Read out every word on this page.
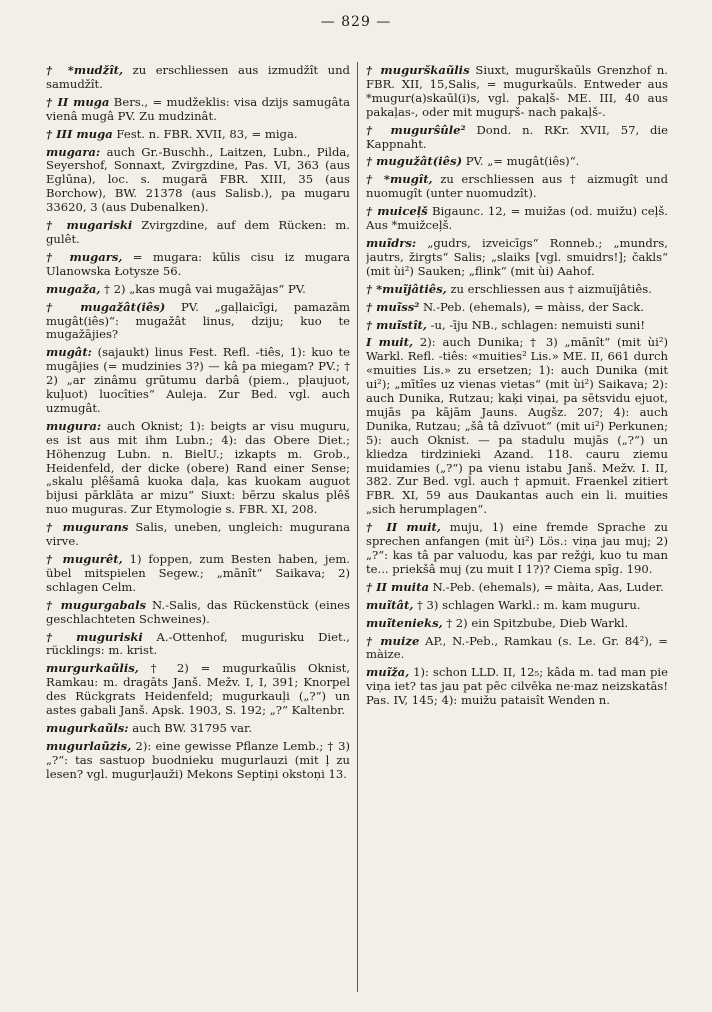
— 829 —

† *mudžît, zu erschliessen aus izmudžît und samudžît.

† II muga Bers., = mudžeklis: visa dzijs samugâta vienâ mugâ PV. Zu mudzinât.

† III muga Fest. n. FBR. XVII, 83, = miga.

mugara: auch Gr.-Buschh., Laitzen, Lubn., Pilda, Seyershof, Sonnaxt, Zvirgzdine, Pas. VI, 363 (aus Eglūna), loc. s. mugarā FBR. XIII, 35 (aus Borchow), BW. 21378 (aus Salisb.), pa mugaru 33620, 3 (aus Dubenalken).

† mugariski Zvirgzdine, auf dem Rücken: m. gulêt.

† mugars, = mugara: kūlis cisu iz mugara Ulanowska Łotysze 56.

mugaža, † 2) „kas mugâ vai mugažājas“ PV.

† mugažât(iês) PV. „gaļlaicīgi, pamazām mugât(iês)“: mugažât linus, dziju; kuo te mugažājies?

mugât: (sajaukt) linus Fest. Refl. -tiês, 1): kuo te mugājies (= mudzinies 3?) — kâ pa miegam? PV.; † 2) „ar zinâmu grūtumu darbâ (piem., pļaujuot, kuļuot) luocîties“ Auleja. Zur Bed. vgl. auch uzmugât.

mugura: auch Oknist; 1): beigts ar visu muguru, es ist aus mit ihm Lubn.; 4): das Obere Diet.; Höhenzug Lubn. n. BielU.; izkapts m. Grob., Heidenfeld, der dicke (obere) Rand einer Sense; „skalu plêšamâ kuoka daļa, kas kuokam auguot bijusi pārklāta ar mizu“ Siuxt: bērzu skalus plêš nuo muguras. Zur Etymologie s. FBR. XI, 208.

† mugurans Salis, uneben, ungleich: mugurana virve.

† mugurêt, 1) foppen, zum Besten haben, jem. übel mitspielen Segew.; „mānît“ Saikava; 2) schlagen Celm.

† mugurgabals N.-Salis, das Rückenstück (eines geschlachteten Schweines).

† muguriski A.-Ottenhof, mugurisku Diet., rücklings: m. krist.

murgurkaũlis, † 2) = mugurkaūlis Oknist, Ramkau: m. dragāts Janš. Mežv. I, I, 391; Knorpel des Rückgrats Heidenfeld; mugurkauļi („?“) un astes gabali Janš. Apsk. 1903, S. 192; „?“ Kaltenbr.

mugurkaũls: auch BW. 31795 var.

mugurlaũzis, 2): eine gewisse Pflanze Lemb.; † 3) „?“: tas sastuop buodnieku mugurlauzi (mit ļ zu lesen? vgl. mugurļauži) Mekons Septiņi okstoņi 13.

† mugurškaũlis Siuxt, mugurškaūls Grenzhof n. FBR. XII, 15,Salis, = mugurkaūls. Entweder aus *mugur(a)skaūl(i)s, vgl. pakaļš- ME. III, 40 aus pakaļas-, oder mit muguŗš- nach pakaļš-.

† mugurŝûle² Dond. n. RKr. XVII, 57, die Kappnaht.

† mugužât(iês) PV. „= mugât(iês)“.

† *mugît, zu erschliessen aus † aizmugît und nuomugît (unter nuomudzît).

† muiceļš Bigaunc. 12, = muižas (od. muižu) ceļš. Aus *muižceļš.

muĩdrs: „gudrs, izveicīgs“ Ronneb.; „mundrs, jautrs, žirgts“ Salis; „slaiks [vgl. smuidrs!]; čakls“ (mit ùi²) Sauken; „flink“ (mit ùi) Aahof.

† *muĩjâtiês, zu erschliessen aus † aizmuĩjâtiês.

† muĩss² N.-Peb. (ehemals), = màiss, der Sack.

† muĩstît, -u, -īju NB., schlagen: nemuisti suni!

I muit, 2): auch Dunika; † 3) „mānît“ (mit ùi²) Warkl. Refl. -tiês: «muities² Lis.» ME. II, 661 durch «muities Lis.» zu ersetzen; 1): auch Dunika (mit ui²); „mītîes uz vienas vietas“ (mit ùi²) Saikava; 2): auch Dunika, Rutzau; kaķi viņai, pa sētsvidu ejuot, mujās pa kājām Jauns. Augšz. 207; 4): auch Dunika, Rutzau; „šâ tâ dzīvuot“ (mit ui²) Perkunen; 5): auch Oknist. — pa stadulu mujās („?“) un kliedza tirdzinieki Azand. 118. cauru ziemu muidamies („?“) pa vienu istabu Janš. Mežv. I. II, 382. Zur Bed. vgl. auch † apmuit. Fraenkel zitiert FBR. XI, 59 aus Daukantas auch ein li. muities „sich herumplagen“.

† II muit, muju, 1) eine fremde Sprache zu sprechen anfangen (mit ùi²) Lös.: viņa jau muj; 2) „?“: kas tâ par valuodu, kas par režģi, kuo tu man te... priekšâ muj (zu muit I 1?)? Ciema spīg. 190.

† II muita N.-Peb. (ehemals), = màita, Aas, Luder.

muĩtât, † 3) schlagen Warkl.: m. kam muguru.

muĩtenieks, † 2) ein Spitzbube, Dieb Warkl.

† muize AP., N.-Peb., Ramkau (s. Le. Gr. 84²), = màize.

muĩža, 1): schon LLD. II, 12₅; kâda m. tad man pie viņa iet? tas jau pat pēc cilvēka ne·maz neizskatās! Pas. IV, 145; 4): muižu pataisît Wenden n.
